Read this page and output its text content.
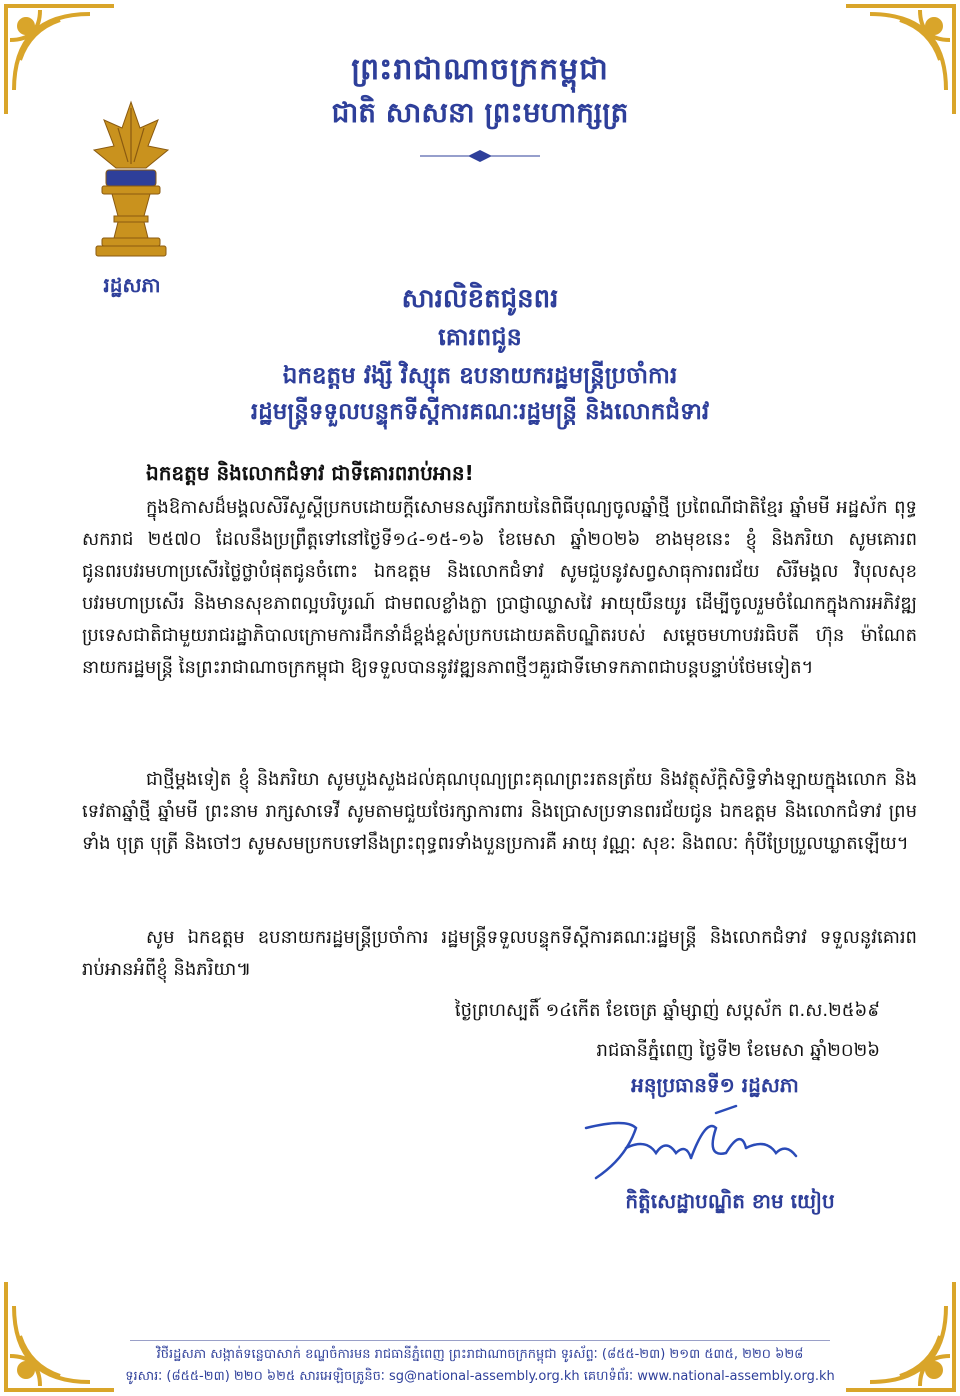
ព្រះរាជាណាចក្រកម្ពុជា
ជាតិ សាសនា ព្រះមហាក្សត្រ
រដ្ឋសភា	សារលិខិតជូនពរ
គោរពជូន
ឯកឧត្តម វង្សី វិស្សុត ឧបនាយករដ្ឋមន្ត្រីប្រចាំការ
រដ្ឋមន្ត្រីទទួលបន្ទុកទីស្តីការគណៈរដ្ឋមន្ត្រី និងលោកជំទាវ
ឯកឧត្តម និងលោកជំទាវ ជាទីគោរពរាប់អាន!
ក្នុងឱកាសដ៏មង្គលសិរីសួស្តីប្រកបដោយក្តីសោមនស្សរីករាយនៃពិធីបុណ្យចូលឆ្នាំថ្មី ប្រពៃណីជាតិខ្មែរ ឆ្នាំមមី អដ្ឋស័ក ពុទ្ធសករាជ ២៥៧០ ដែលនឹងប្រព្រឹត្តទៅនៅថ្ងៃទី១៤-១៥-១៦ ខែមេសា ឆ្នាំ២០២៦ ខាងមុខនេះ ខ្ញុំ និងភរិយា សូមគោរពជូនពរបវរមហាប្រសើរថ្លៃថ្លាបំផុតជូនចំពោះ ឯកឧត្តម និងលោកជំទាវ សូមជួបនូវសព្វសាធុការពរជ័យ សិរីមង្គល វិបុលសុខ បវរមហាប្រសើរ និងមានសុខភាពល្អបរិបូរណ៍ ជាមពលខ្លាំងក្លា ប្រាជ្ញាឈ្លាសវៃ អាយុយឺនយូរ ដើម្បីចូលរួមចំណែកក្នុងការអភិវឌ្ឍប្រទេសជាតិជាមួយរាជរដ្ឋាភិបាលក្រោមការដឹកនាំដ៏ខ្ពង់ខ្ពស់ប្រកបដោយគតិបណ្ឌិតរបស់ សម្តេចមហាបវរធិបតី ហ៊ុន ម៉ាណែត នាយករដ្ឋមន្ត្រី នៃព្រះរាជាណាចក្រកម្ពុជា ឱ្យទទួលបាននូវវឌ្ឍនភាពថ្មីៗគួរជាទីមោទកភាពជាបន្តបន្ទាប់ថែមទៀត។
ជាថ្មីម្តងទៀត ខ្ញុំ និងភរិយា សូមបួងសួងដល់គុណបុណ្យព្រះគុណព្រះរតនត្រ័យ និងវត្ថុស័ក្តិសិទ្ធិទាំងឡាយក្នុងលោក និងទេវតាឆ្នាំថ្មី ឆ្នាំមមី ព្រះនាម រាក្សសាទេវី សូមតាមជួយថែរក្សាការពារ និងប្រោសប្រទានពរជ័យជូន ឯកឧត្តម និងលោកជំទាវ ព្រមទាំង បុត្រ បុត្រី និងចៅៗ សូមសមប្រកបទៅនឹងព្រះពុទ្ធពរទាំងបួនប្រការគឺ អាយុ វណ្ណៈ សុខៈ និងពលៈ កុំបីប្រែប្រួលឃ្លាតឡើយ។
សូម ឯកឧត្តម ឧបនាយករដ្ឋមន្ត្រីប្រចាំការ រដ្ឋមន្ត្រីទទួលបន្ទុកទីស្តីការគណៈរដ្ឋមន្ត្រី និងលោកជំទាវ ទទួលនូវគោរពរាប់អានអំពីខ្ញុំ និងភរិយា៕
ថ្ងៃព្រហស្បតិ៍ ១៤កើត ខែចេត្រ ឆ្នាំម្សាញ់ សប្តស័ក ព.ស.២៥៦៩
រាជធានីភ្នំពេញ ថ្ងៃទី២ ខែមេសា ឆ្នាំ២០២៦
អនុប្រធានទី១ រដ្ឋសភា
កិត្តិសេដ្ឋាបណ្ឌិត ខាម យៀប
វិថីរដ្ឋសភា សង្កាត់ទន្លេបាសាក់ ខណ្ឌចំការមន រាជធានីភ្នំពេញ ព្រះរាជាណាចក្រកម្ពុជា ទូរស័ព្ទៈ (៨៥៥-២៣) ២១៣ ៥៣៥, ២២០ ៦២៨
ទូរសារៈ (៨៥៥-២៣) ២២០ ៦២៥ សារអេឡិចត្រូនិចៈ sg@national-assembly.org.kh គេហទំព័រៈ www.national-assembly.org.kh
